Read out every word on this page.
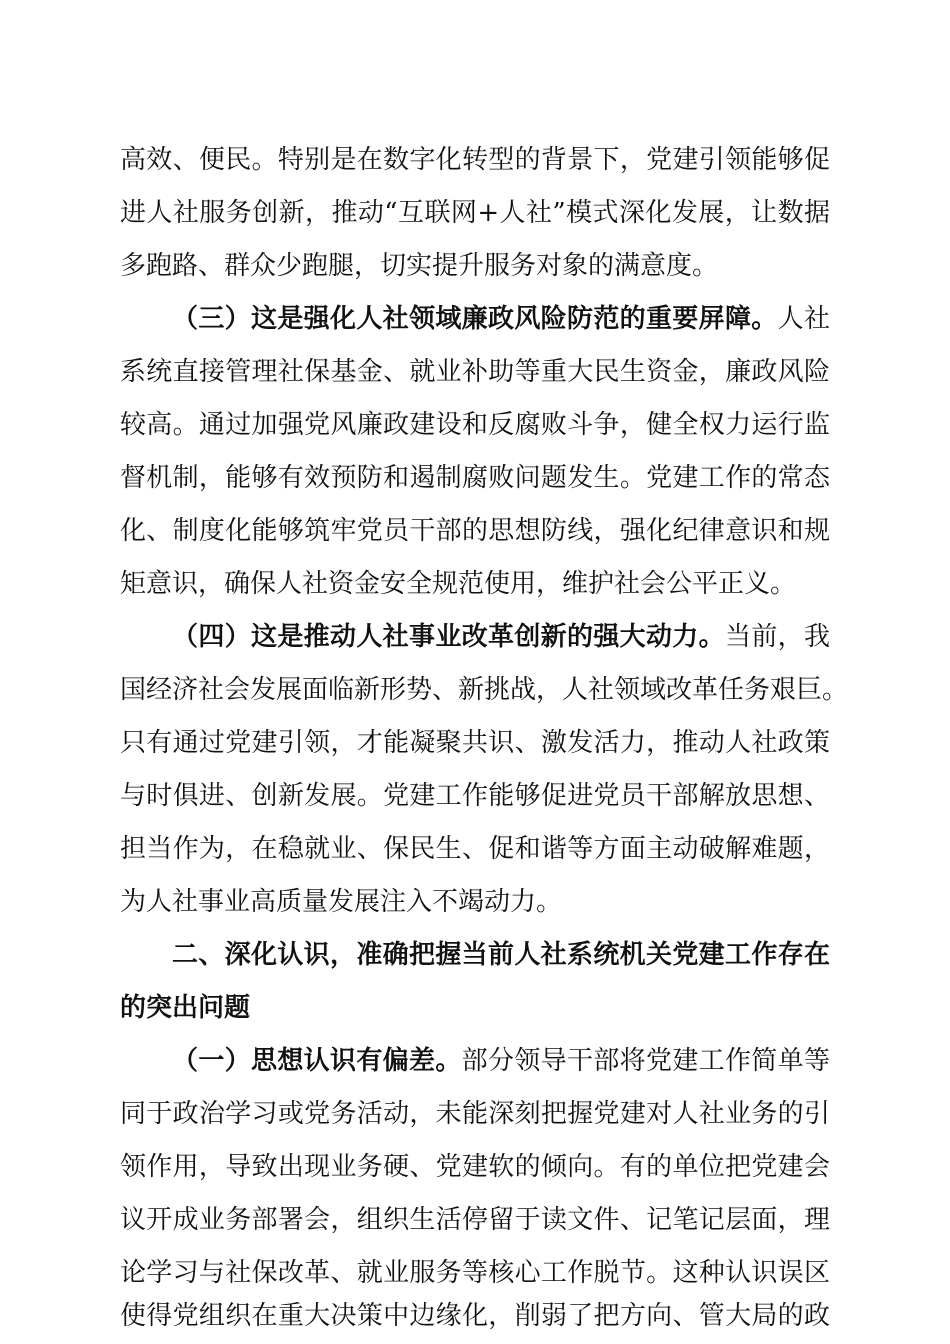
高效、便民。特别是在数字化转型的背景下，党建引领能够促
进人社服务创新，推动“互联网+人社”模式深化发展，让数据
多跑路、群众少跑腿，切实提升服务对象的满意度。
（三）这是强化人社领域廉政风险防范的重要屏障。人社
系统直接管理社保基金、就业补助等重大民生资金，廉政风险
较高。通过加强党风廉政建设和反腐败斗争，健全权力运行监
督机制，能够有效预防和遏制腐败问题发生。党建工作的常态
化、制度化能够筑牢党员干部的思想防线，强化纪律意识和规
矩意识，确保人社资金安全规范使用，维护社会公平正义。
（四）这是推动人社事业改革创新的强大动力。当前，我
国经济社会发展面临新形势、新挑战，人社领域改革任务艰巨。
只有通过党建引领，才能凝聚共识、激发活力，推动人社政策
与时俱进、创新发展。党建工作能够促进党员干部解放思想、
担当作为，在稳就业、保民生、促和谐等方面主动破解难题，
为人社事业高质量发展注入不竭动力。
二、深化认识，准确把握当前人社系统机关党建工作存在
的突出问题
（一）思想认识有偏差。部分领导干部将党建工作简单等
同于政治学习或党务活动，未能深刻把握党建对人社业务的引
领作用，导致出现业务硬、党建软的倾向。有的单位把党建会
议开成业务部署会，组织生活停留于读文件、记笔记层面，理
论学习与社保改革、就业服务等核心工作脱节。这种认识误区
使得党组织在重大决策中边缘化，削弱了把方向、管大局的政
